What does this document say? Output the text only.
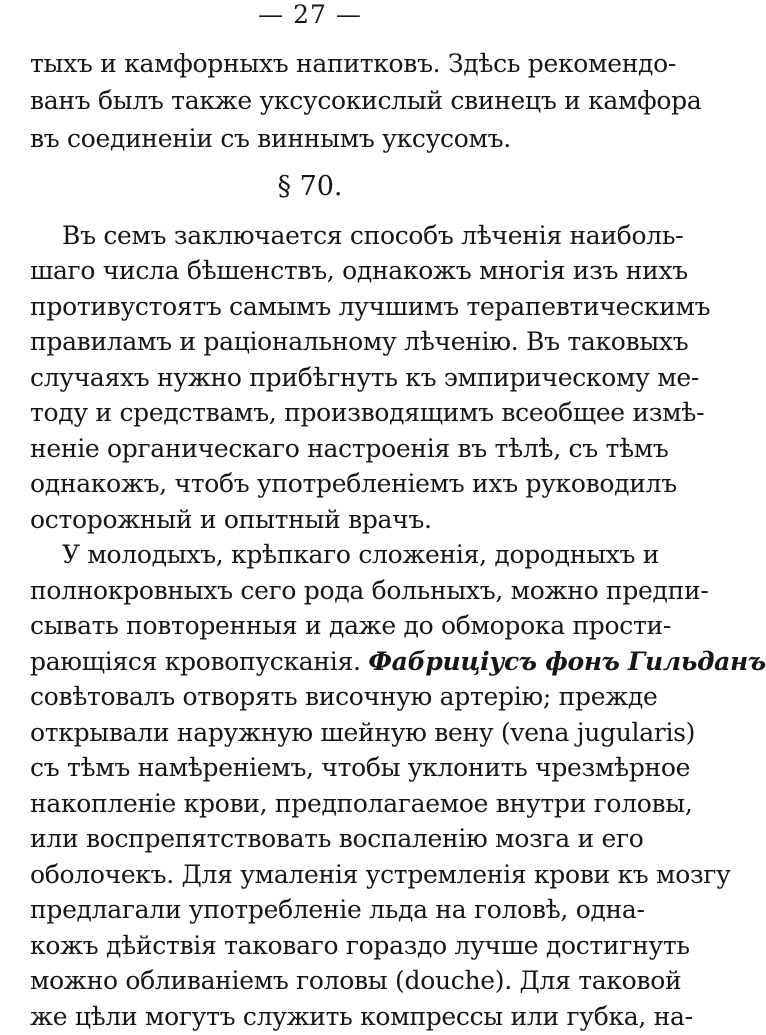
— 27 —
тыхъ и камфорныхъ напитковъ. Здѣсь рекомендо-
ванъ былъ также уксусокислый свинецъ и камфора
въ соединеніи съ виннымъ уксусомъ.
§ 70.
Въ семъ заключается способъ лѣченія наиболь-
шаго числа бѣшенствъ, однакожъ многія изъ нихъ
противустоятъ самымъ лучшимъ терапевтическимъ
правиламъ и раціональному лѣченію. Въ таковыхъ
случаяхъ нужно прибѣгнуть къ эмпирическому ме-
тоду и средствамъ, производящимъ всеобщее измѣ-
неніе органическаго настроенія въ тѣлѣ, съ тѣмъ
однакожъ, чтобъ употребленіемъ ихъ руководилъ
осторожный и опытный врачъ.
У молодыхъ, крѣпкаго сложенія, дородныхъ и
полнокровныхъ сего рода больныхъ, можно предпи-
сывать повторенныя и даже до обморока прости-
рающіяся кровопусканія. Фабриціусъ фонъ Гильданъ
совѣтовалъ отворять височную артерію; прежде
открывали наружную шейную вену (vena jugularis)
съ тѣмъ намѣреніемъ, чтобы уклонить чрезмѣрное
накопленіе крови, предполагаемое внутри головы,
или воспрепятствовать воспаленію мозга и его
оболочекъ. Для умаленія устремленія крови къ мозгу
предлагали употребленіе льда на головѣ, одна-
кожъ дѣйствія таковаго гораздо лучше достигнуть
можно обливаніемъ головы (douche). Для таковой
же цѣли могутъ служить компрессы или губка, на-
